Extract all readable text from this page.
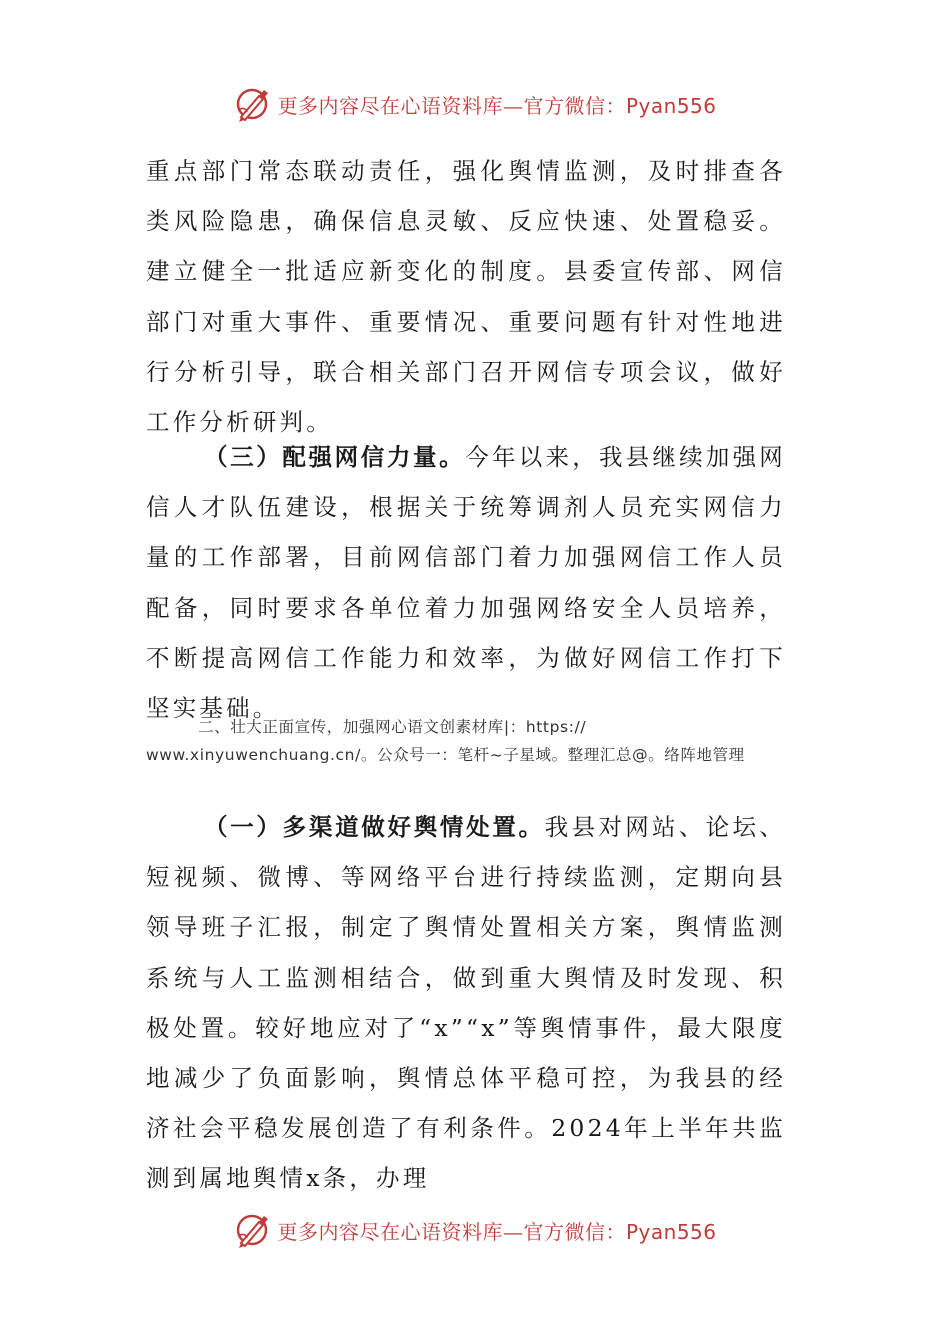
更多内容尽在心语资料库—官方微信：Pyan556

重点部门常态联动责任，强化舆情监测，及时排查各类风险隐患，确保信息灵敏、反应快速、处置稳妥。建立健全一批适应新变化的制度。县委宣传部、网信部门对重大事件、重要情况、重要问题有针对性地进行分析引导，联合相关部门召开网信专项会议，做好工作分析研判。

（三）配强网信力量。今年以来，我县继续加强网信人才队伍建设，根据关于统筹调剂人员充实网信力量的工作部署，目前网信部门着力加强网信工作人员配备，同时要求各单位着力加强网络安全人员培养，不断提高网信工作能力和效率，为做好网信工作打下坚实基础。

二、壮大正面宣传，加强网心语文创素材库|：https://
www.xinyuwenchuang.cn/。公众号一：笔杆~子星域。整理汇总@。络阵地管理

（一）多渠道做好舆情处置。我县对网站、论坛、短视频、微博、等网络平台进行持续监测，定期向县领导班子汇报，制定了舆情处置相关方案，舆情监测系统与人工监测相结合，做到重大舆情及时发现、积极处置。较好地应对了“x”“x”等舆情事件，最大限度地减少了负面影响，舆情总体平稳可控，为我县的经济社会平稳发展创造了有利条件。2024年上半年共监测到属地舆情x条，办理

更多内容尽在心语资料库—官方微信：Pyan556
